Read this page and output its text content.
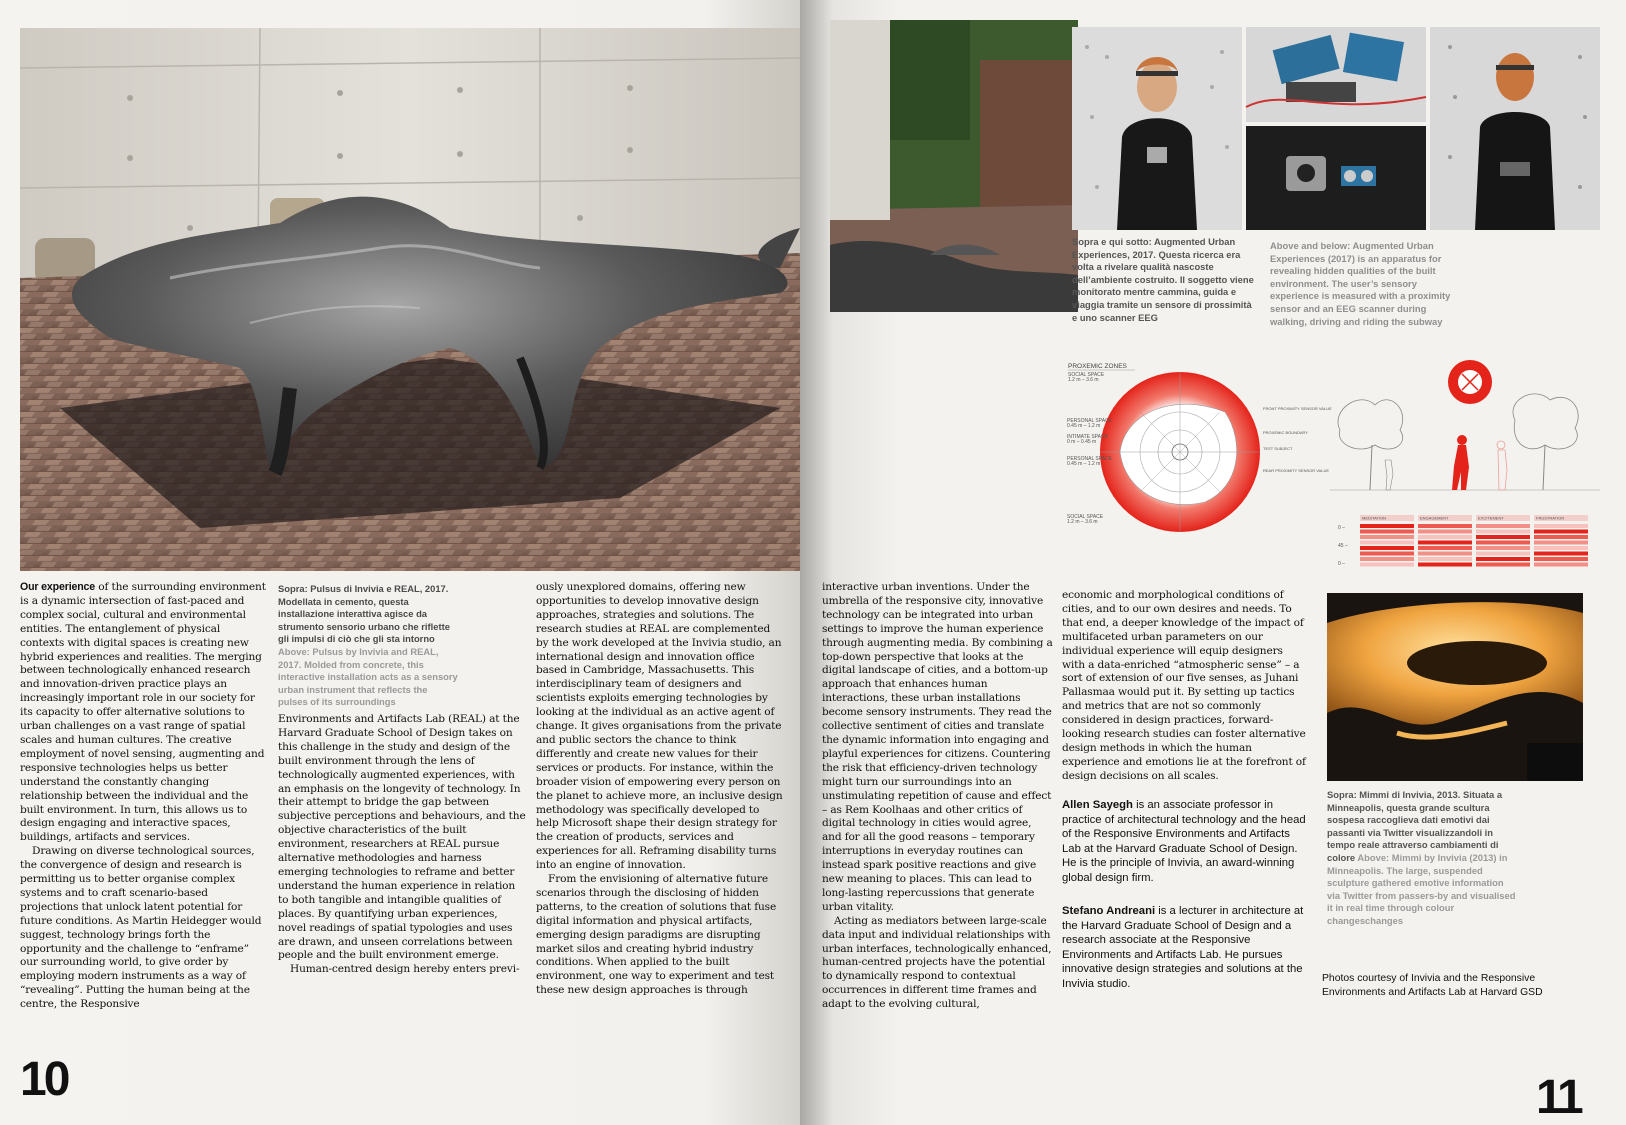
Sopra: Pulsus di Invivia e REAL, 2017. Modellata in cemento, questa installazione interattiva agisce da strumento sensorio urbano che riflette gli impulsi di ciò che gli sta intorno Above: Pulsus by Invivia and REAL, 2017. Molded from concrete, this interactive installation acts as a sensory urban instrument that reflects the pulses of its surroundings

Our experience of the surrounding environment is a dynamic intersection of fast-paced and complex social, cultural and environmental entities. The entanglement of physical contexts with digital spaces is creating new hybrid experiences and realities. The merging between technologically enhanced research and innovation-driven practice plays an increasingly important role in our society for its capacity to offer alternative solutions to urban challenges on a vast range of spatial scales and human cultures. The creative employment of novel sensing, augmenting and responsive technologies helps us better understand the constantly changing relationship between the individual and the built environment. In turn, this allows us to design engaging and interactive spaces, buildings, artifacts and services.

Drawing on diverse technological sources, the convergence of design and research is permitting us to better organise complex systems and to craft scenario-based projections that unlock latent potential for future conditions. As Martin Heidegger would suggest, technology brings forth the opportunity and the challenge to “enframe” our surrounding world, to give order by employing modern instruments as a way of “revealing”. Putting the human being at the centre, the Responsive

Environments and Artifacts Lab (REAL) at the Harvard Graduate School of Design takes on this challenge in the study and design of the built environment through the lens of technologically augmented experiences, with an emphasis on the longevity of technology. In their attempt to bridge the gap between subjective perceptions and behaviours, and the objective characteristics of the built environment, researchers at REAL pursue alternative methodologies and harness emerging technologies to reframe and better understand the human experience in relation to both tangible and intangible qualities of places. By quantifying urban experiences, novel readings of spatial typologies and uses are drawn, and unseen correlations between people and the built environment emerge.

Human-centred design hereby enters previ-

ously unexplored domains, offering new opportunities to develop innovative design approaches, strategies and solutions. The research studies at REAL are complemented by the work developed at the Invivia studio, an international design and innovation office based in Cambridge, Massachusetts. This interdisciplinary team of designers and scientists exploits emerging technologies by looking at the individual as an active agent of change. It gives organisations from the private and public sectors the chance to think differently and create new values for their services or products. For instance, within the broader vision of empowering every person on the planet to achieve more, an inclusive design methodology was specifically developed to help Microsoft shape their design strategy for the creation of products, services and experiences for all. Reframing disability turns into an engine of innovation.

From the envisioning of alternative future scenarios through the disclosing of hidden patterns, to the creation of solutions that fuse digital information and physical artifacts, emerging design paradigms are disrupting market silos and creating hybrid industry conditions. When applied to the built environment, one way to experiment and test these new design approaches is through

10
Sopra e qui sotto: Augmented Urban Experiences, 2017. Questa ricerca era volta a rivelare qualità nascoste dell’ambiente costruito. Il soggetto viene monitorato mentre cammina, guida e viaggia tramite un sensore di prossimità e uno scanner EEG
Above and below: Augmented Urban Experiences (2017) is an apparatus for revealing hidden qualities of the built environment. The user’s sensory experience is measured with a proximity sensor and an EEG scanner during walking, driving and riding the subway
PROXEMIC ZONES
SOCIAL SPACE
1.2 m – 3.6 m
PERSONAL SPACE
0.45 m – 1.2 m
INTIMATE SPACE
0 m – 0.45 m
PERSONAL SPACE
0.45 m – 1.2 m
SOCIAL SPACE
1.2 m – 3.6 m
FRONT PROXIMITY SENSOR VALUE
PROXEMIC BOUNDARY
TEST SUBJECT
REAR PROXIMITY SENSOR VALUE
0 –
45 –
0 –
MEDITATION	ENGAGEMENT	EXCITEMENT	FRUSTRATION

interactive urban inventions. Under the umbrella of the responsive city, innovative technology can be integrated into urban settings to improve the human experience through augmenting media. By combining a top-down perspective that looks at the digital landscape of cities, and a bottom-up approach that enhances human interactions, these urban installations become sensory instruments. They read the collective sentiment of cities and translate the dynamic information into engaging and playful experiences for citizens. Countering the risk that efficiency-driven technology might turn our surroundings into an unstimulating repetition of cause and effect – as Rem Koolhaas and other critics of digital technology in cities would agree, and for all the good reasons – temporary interruptions in everyday routines can instead spark positive reactions and give new meaning to places. This can lead to long-lasting repercussions that generate urban vitality.

Acting as mediators between large-scale data input and individual relationships with urban interfaces, technologically enhanced, human-centred projects have the potential to dynamically respond to contextual occurrences in different time frames and adapt to the evolving cultural,

economic and morphological conditions of cities, and to our own desires and needs. To that end, a deeper knowledge of the impact of multifaceted urban parameters on our individual experience will equip designers with a data-enriched “atmospheric sense” – a sort of extension of our five senses, as Juhani Pallasmaa would put it. By setting up tactics and metrics that are not so commonly considered in design practices, forward-looking research studies can foster alternative design methods in which the human experience and emotions lie at the forefront of design decisions on all scales.

Allen Sayegh is an associate professor in practice of architectural technology and the head of the Responsive Environments and Artifacts Lab at the Harvard Graduate School of Design. He is the principle of Invivia, an award-winning global design firm.
Stefano Andreani is a lecturer in architecture at the Harvard Graduate School of Design and a research associate at the Responsive Environments and Artifacts Lab. He pursues innovative design strategies and solutions at the Invivia studio.
Sopra: Mimmi di Invivia, 2013. Situata a Minneapolis, questa grande scultura sospesa raccoglieva dati emotivi dai passanti via Twitter visualizzandoli in tempo reale attraverso cambiamenti di colore Above: Mimmi by Invivia (2013) in Minneapolis. The large, suspended sculpture gathered emotive information via Twitter from passers-by and visualised it in real time through colour changeschanges
Photos courtesy of Invivia and the Responsive Environments and Artifacts Lab at Harvard GSD
11
